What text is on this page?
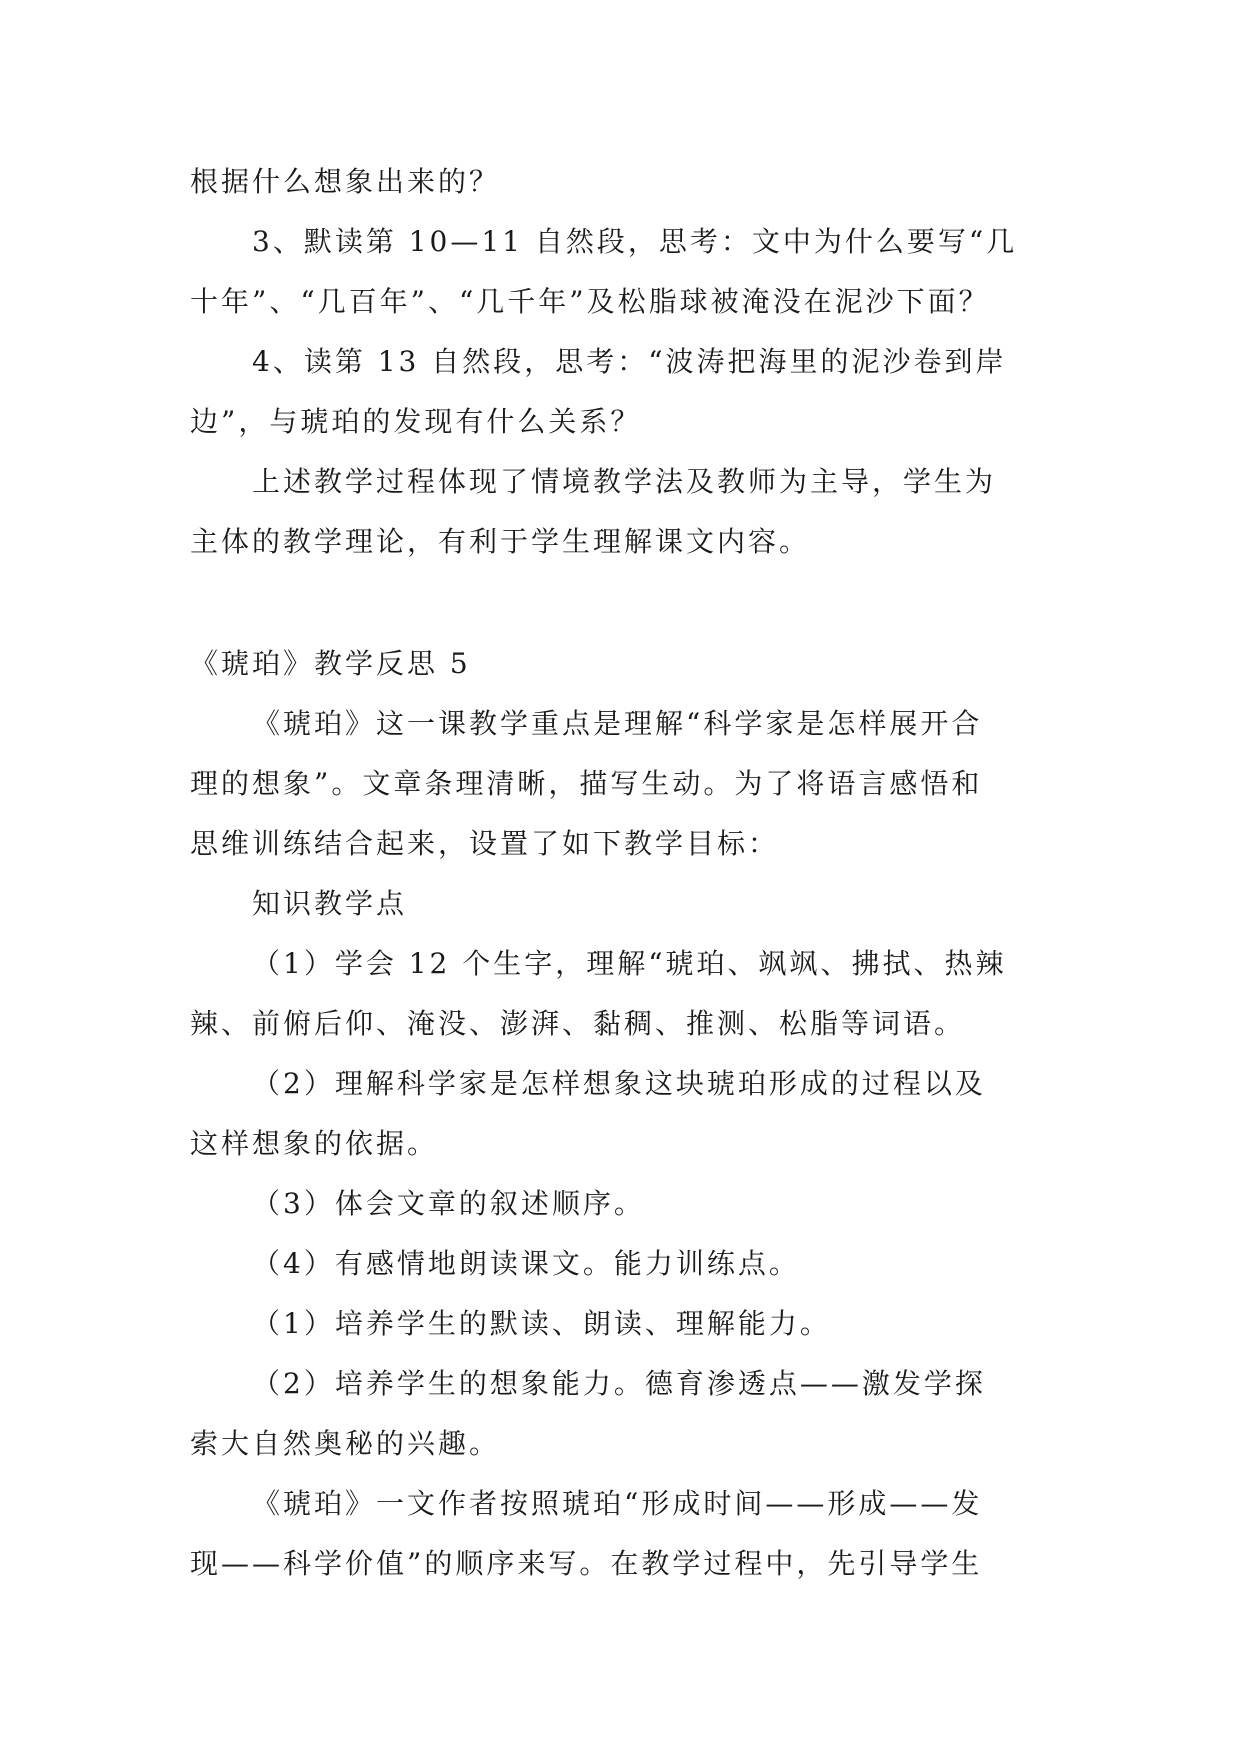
根据什么想象出来的？
3、默读第 10—11 自然段，思考：文中为什么要写“几
十年”、“几百年”、“几千年”及松脂球被淹没在泥沙下面？
4、读第 13 自然段，思考：“波涛把海里的泥沙卷到岸
边”，与琥珀的发现有什么关系？
上述教学过程体现了情境教学法及教师为主导，学生为
主体的教学理论，有利于学生理解课文内容。
《琥珀》教学反思 5
《琥珀》这一课教学重点是理解“科学家是怎样展开合
理的想象”。文章条理清晰，描写生动。为了将语言感悟和
思维训练结合起来，设置了如下教学目标：
知识教学点
（1）学会 12 个生字，理解“琥珀、飒飒、拂拭、热辣
辣、前俯后仰、淹没、澎湃、黏稠、推测、松脂等词语。
（2）理解科学家是怎样想象这块琥珀形成的过程以及
这样想象的依据。
（3）体会文章的叙述顺序。
（4）有感情地朗读课文。能力训练点。
（1）培养学生的默读、朗读、理解能力。
（2）培养学生的想象能力。德育渗透点——激发学探
索大自然奥秘的兴趣。
《琥珀》一文作者按照琥珀“形成时间——形成——发
现——科学价值”的顺序来写。在教学过程中，先引导学生
